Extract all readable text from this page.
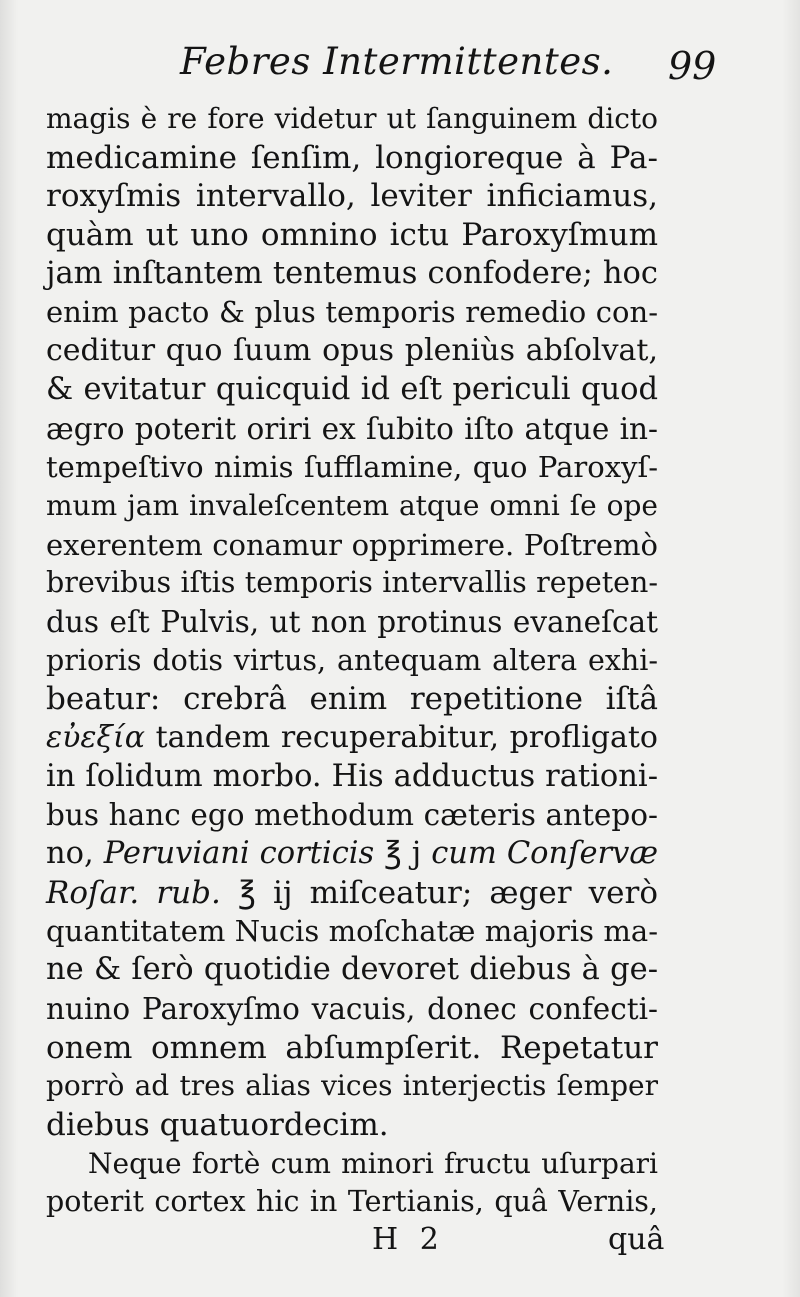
Febres Intermittentes. 99
magis è re fore videtur ut ſanguinem dicto
medicamine ſenſim, longioreque à Pa-
roxyſmis intervallo, leviter inficiamus,
quàm ut uno omnino ictu Paroxyſmum
jam inſtantem tentemus confodere; hoc
enim pacto & plus temporis remedio con-
ceditur quo ſuum opus pleniùs abſolvat,
& evitatur quicquid id eſt periculi quod
ægro poterit oriri ex ſubito iſto atque in-
tempeſtivo nimis ſufflamine, quo Paroxyſ-
mum jam invaleſcentem atque omni ſe ope
exerentem conamur opprimere. Poſtremò
brevibus iſtis temporis intervallis repeten-
dus eſt Pulvis, ut non protinus evaneſcat
prioris dotis virtus, antequam altera exhi-
beatur: crebrâ enim repetitione iſtâ
εὐεξία tandem recuperabitur, profligato
in ſolidum morbo. His adductus rationi-
bus hanc ego methodum cæteris antepo-
no, Peruviani corticis ℥ j cum Conſervæ
Roſar. rub. ℥ ij miſceatur; æger verò
quantitatem Nucis moſchatæ majoris ma-
ne & ſerò quotidie devoret diebus à ge-
nuino Paroxyſmo vacuis, donec confecti-
onem omnem abſumpſerit. Repetatur
porrò ad tres alias vices interjectis ſemper
diebus quatuordecim.
Neque fortè cum minori fructu uſurpari
poterit cortex hic in Tertianis, quâ Vernis,
H 2	quâ
